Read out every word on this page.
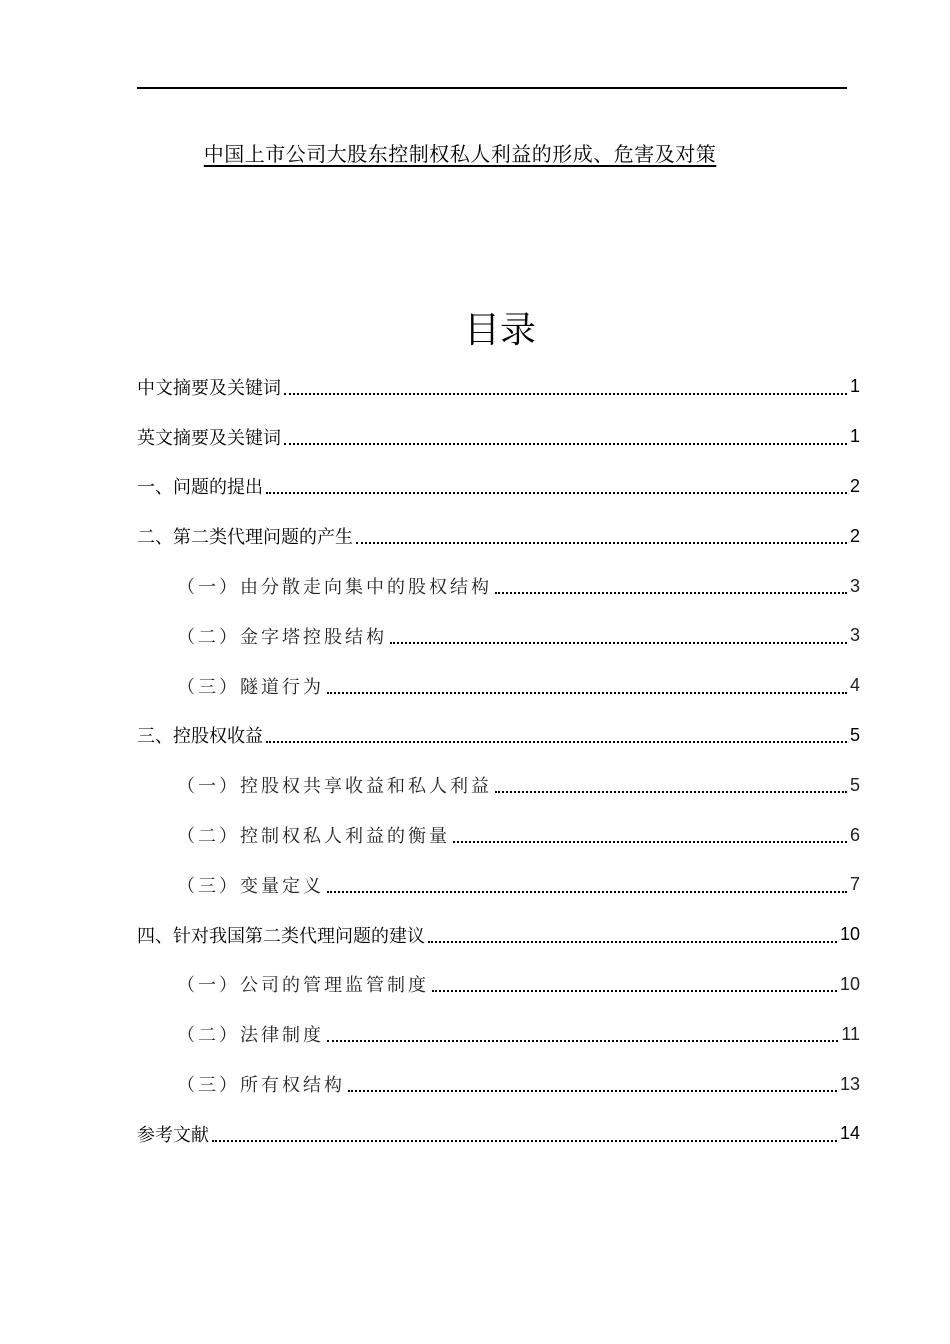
中国上市公司大股东控制权私人利益的形成、危害及对策
目录
中文摘要及关键词	1
英文摘要及关键词	1
一、问题的提出	2
二、第二类代理问题的产生	2
（一）由分散走向集中的股权结构	3
（二）金字塔控股结构	3
（三）隧道行为	4
三、控股权收益	5
（一）控股权共享收益和私人利益	5
（二）控制权私人利益的衡量	6
（三）变量定义	7
四、针对我国第二类代理问题的建议	10
（一）公司的管理监管制度	10
（二）法律制度	11
（三）所有权结构	13
参考文献	14
